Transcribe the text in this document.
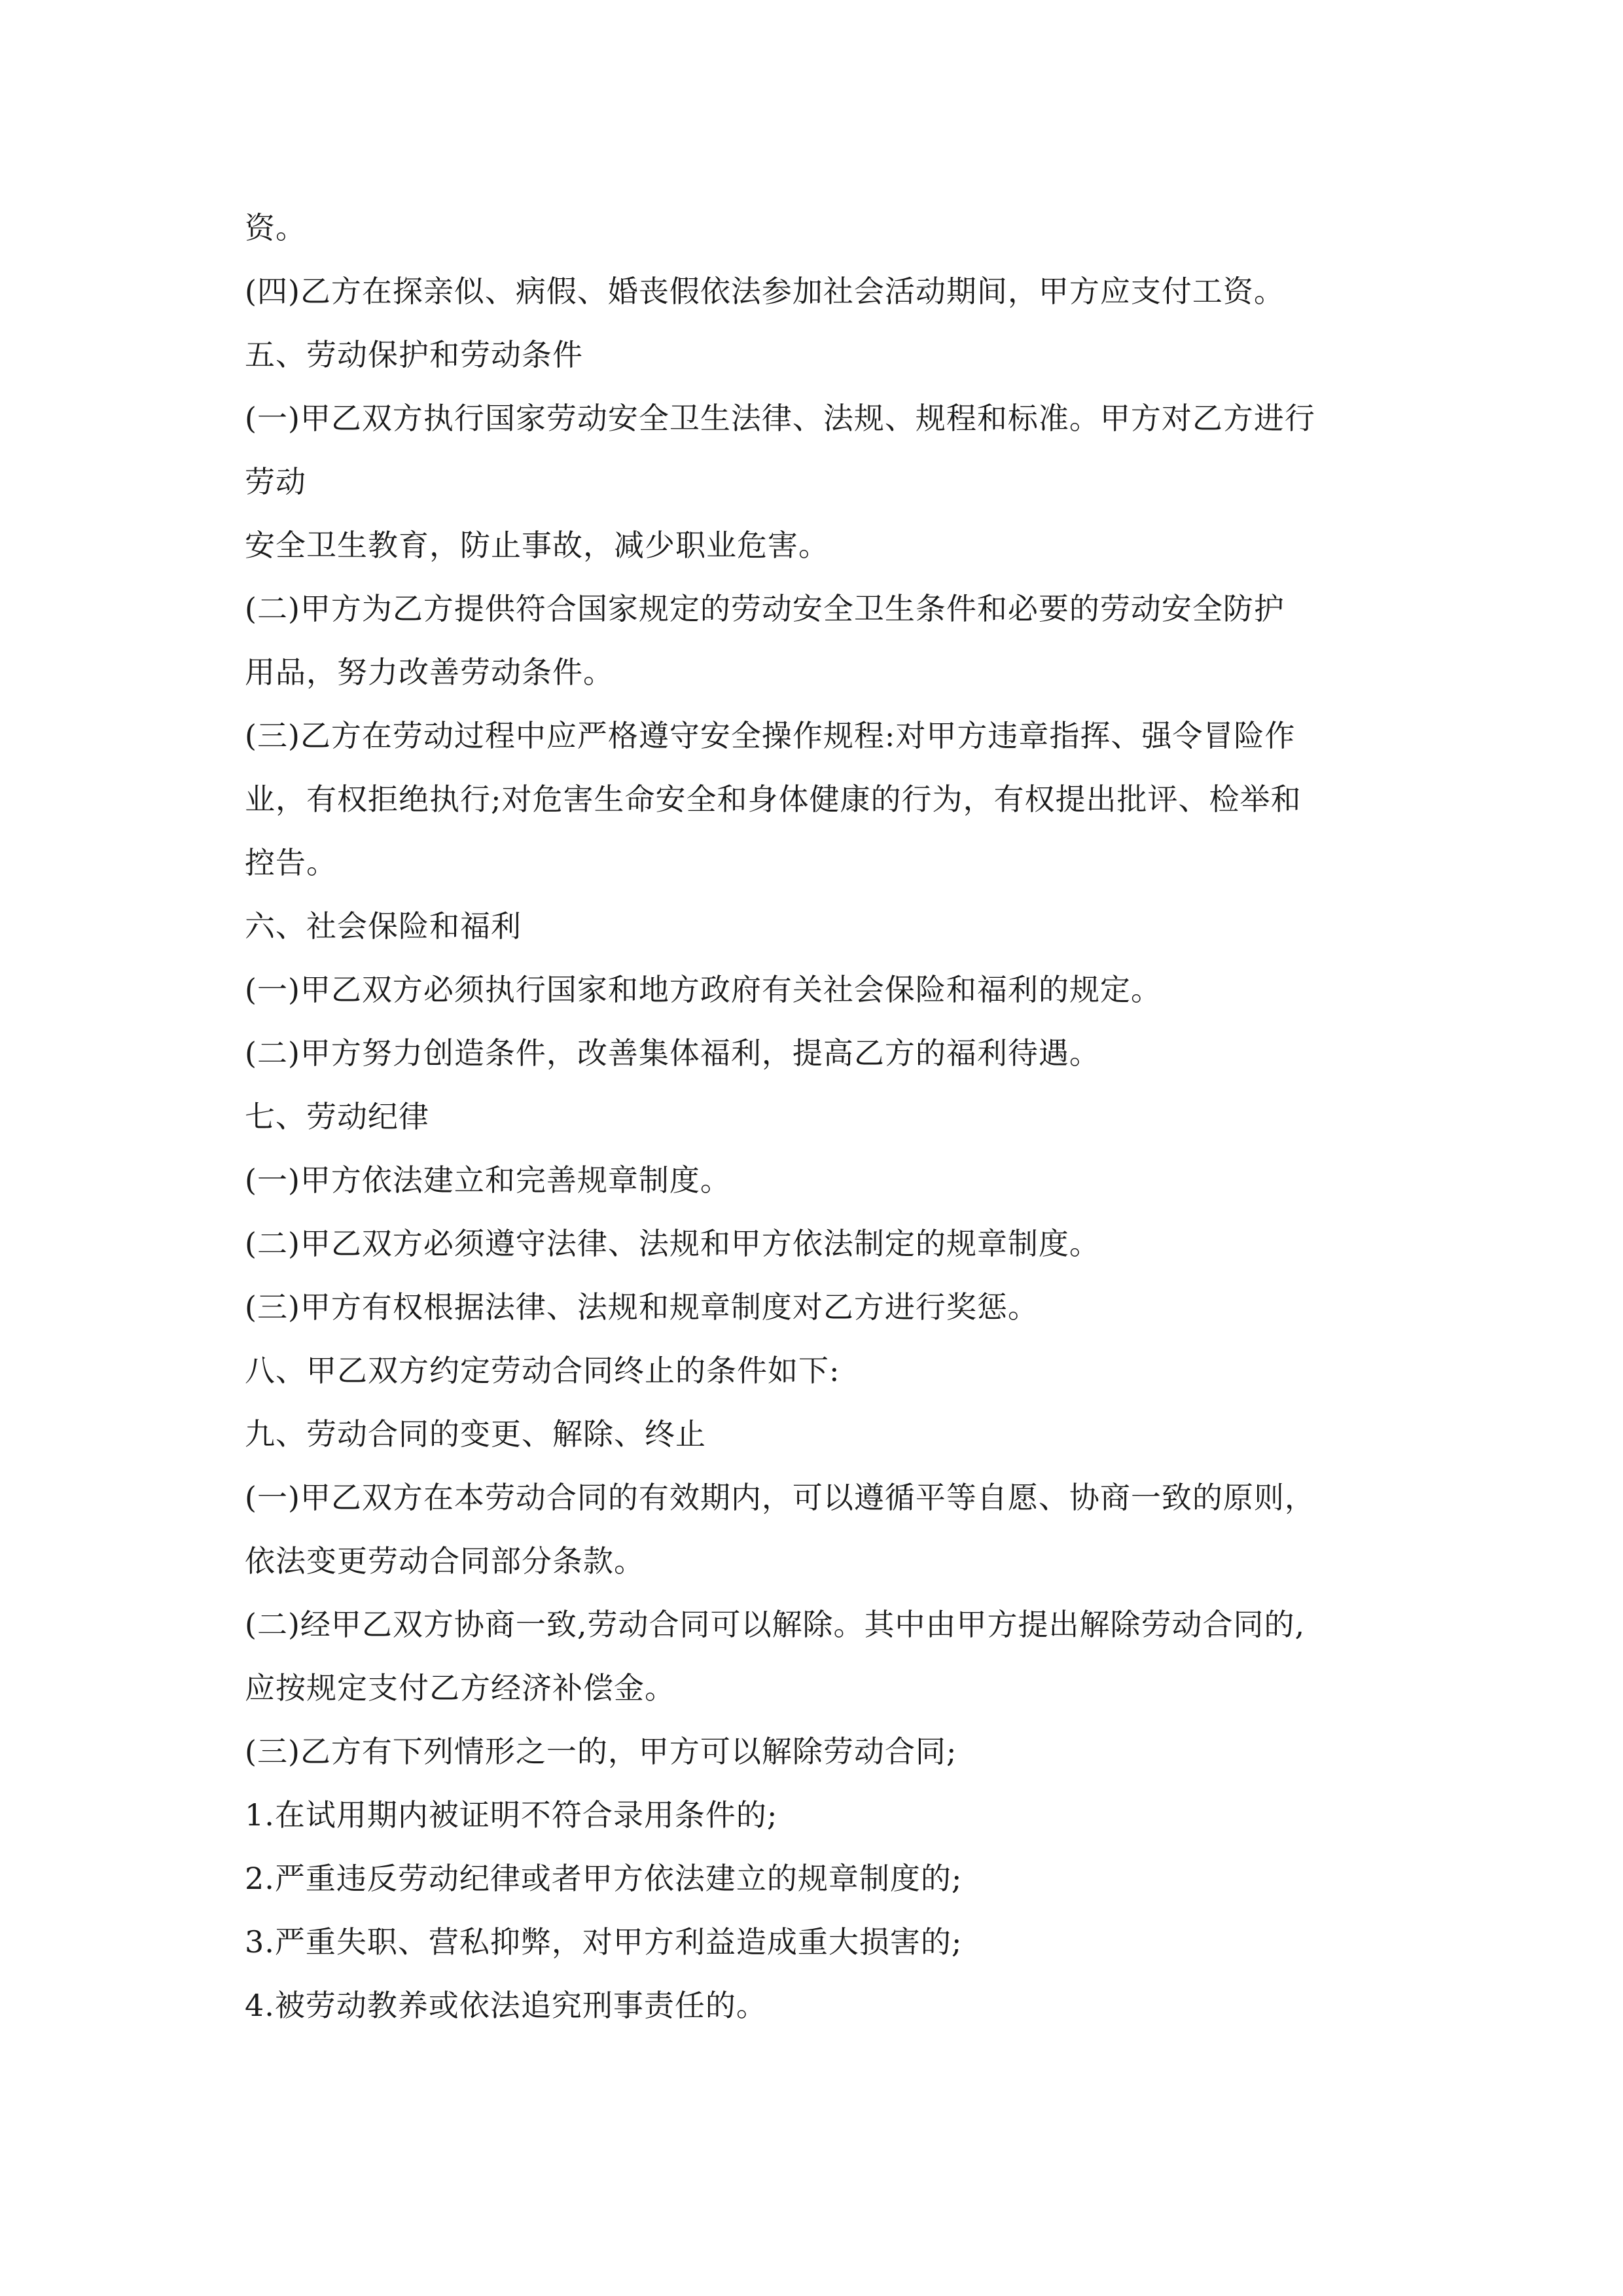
资。
(四)乙方在探亲似、病假、婚丧假依法参加社会活动期间，甲方应支付工资。
五、劳动保护和劳动条件
(一)甲乙双方执行国家劳动安全卫生法律、法规、规程和标准。甲方对乙方进行
劳动
安全卫生教育，防止事故，减少职业危害。
(二)甲方为乙方提供符合国家规定的劳动安全卫生条件和必要的劳动安全防护
用品，努力改善劳动条件。
(三)乙方在劳动过程中应严格遵守安全操作规程:对甲方违章指挥、强令冒险作
业，有权拒绝执行;对危害生命安全和身体健康的行为，有权提出批评、检举和
控告。
六、社会保险和福利
(一)甲乙双方必须执行国家和地方政府有关社会保险和福利的规定。
(二)甲方努力创造条件，改善集体福利，提高乙方的福利待遇。
七、劳动纪律
(一)甲方依法建立和完善规章制度。
(二)甲乙双方必须遵守法律、法规和甲方依法制定的规章制度。
(三)甲方有权根据法律、法规和规章制度对乙方进行奖惩。
八、甲乙双方约定劳动合同终止的条件如下:
九、劳动合同的变更、解除、终止
(一)甲乙双方在本劳动合同的有效期内，可以遵循平等自愿、协商一致的原则，
依法变更劳动合同部分条款。
(二)经甲乙双方协商一致,劳动合同可以解除。其中由甲方提出解除劳动合同的,
应按规定支付乙方经济补偿金。
(三)乙方有下列情形之一的，甲方可以解除劳动合同;
1.在试用期内被证明不符合录用条件的;
2.严重违反劳动纪律或者甲方依法建立的规章制度的;
3.严重失职、营私抑弊，对甲方利益造成重大损害的;
4.被劳动教养或依法追究刑事责任的。
